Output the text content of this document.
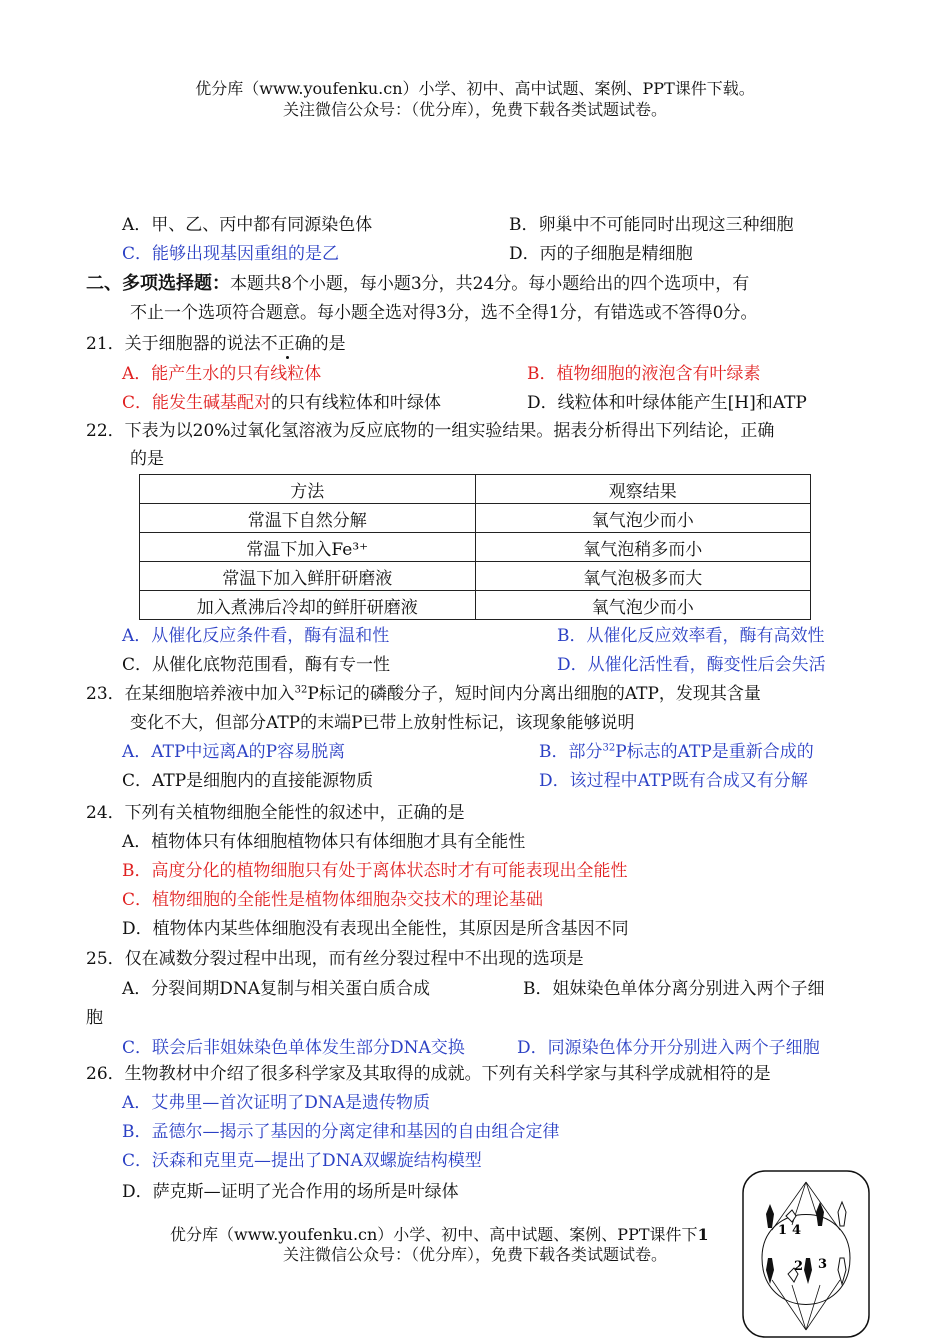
优分库（www.youfenku.cn）小学、初中、高中试题、案例、PPT课件下载。
关注微信公众号：（优分库），免费下载各类试题试卷。
A．甲、乙、丙中都有同源染色体	B．卵巢中不可能同时出现这三种细胞
C．能够出现基因重组的是乙	D．丙的子细胞是精细胞
二、多项选择题：本题共8个小题，每小题3分，共24分。每小题给出的四个选项中，有
不止一个选项符合题意。每小题全选对得3分，选不全得1分，有错选或不答得0分。
21．关于细胞器的说法不正确的是
A．能产生水的只有线粒体	B．植物细胞的液泡含有叶绿素
C．能发生碱基配对的只有线粒体和叶绿体	D．线粒体和叶绿体能产生[H]和ATP
22．下表为以20%过氧化氢溶液为反应底物的一组实验结果。据表分析得出下列结论，正确
的是
方法	观察结果
常温下自然分解	氧气泡少而小
常温下加入Fe³⁺	氧气泡稍多而小
常温下加入鲜肝研磨液	氧气泡极多而大
加入煮沸后冷却的鲜肝研磨液	氧气泡少而小
A．从催化反应条件看，酶有温和性	B．从催化反应效率看，酶有高效性
C．从催化底物范围看，酶有专一性	D．从催化活性看，酶变性后会失活
23．在某细胞培养液中加入$^{32}$P标记的磷酸分子，短时间内分离出细胞的ATP，发现其含量
变化不大，但部分ATP的末端P已带上放射性标记，该现象能够说明
A．ATP中远离A的P容易脱离	B．部分$^{32}$P标志的ATP是重新合成的
C．ATP是细胞内的直接能源物质	D．该过程中ATP既有合成又有分解
24．下列有关植物细胞全能性的叙述中，正确的是
A．植物体只有体细胞植物体只有体细胞才具有全能性
B．高度分化的植物细胞只有处于离体状态时才有可能表现出全能性
C．植物细胞的全能性是植物体细胞杂交技术的理论基础
D．植物体内某些体细胞没有表现出全能性，其原因是所含基因不同
25．仅在减数分裂过程中出现，而有丝分裂过程中不出现的选项是
A．分裂间期DNA复制与相关蛋白质合成	B．姐妹染色单体分离分别进入两个子细
胞
C．联会后非姐妹染色单体发生部分DNA交换	D．同源染色体分开分别进入两个子细胞
26．生物教材中介绍了很多科学家及其取得的成就。下列有关科学家与其科学成就相符的是
A．艾弗里—首次证明了DNA是遗传物质
B．孟德尔—揭示了基因的分离定律和基因的自由组合定律
C．沃森和克里克—提出了DNA双螺旋结构模型
D．萨克斯—证明了光合作用的场所是叶绿体
1 4
2 3
优分库（www.youfenku.cn）小学、初中、高中试题、案例、PPT课件下1
关注微信公众号：（优分库），免费下载各类试题试卷。
